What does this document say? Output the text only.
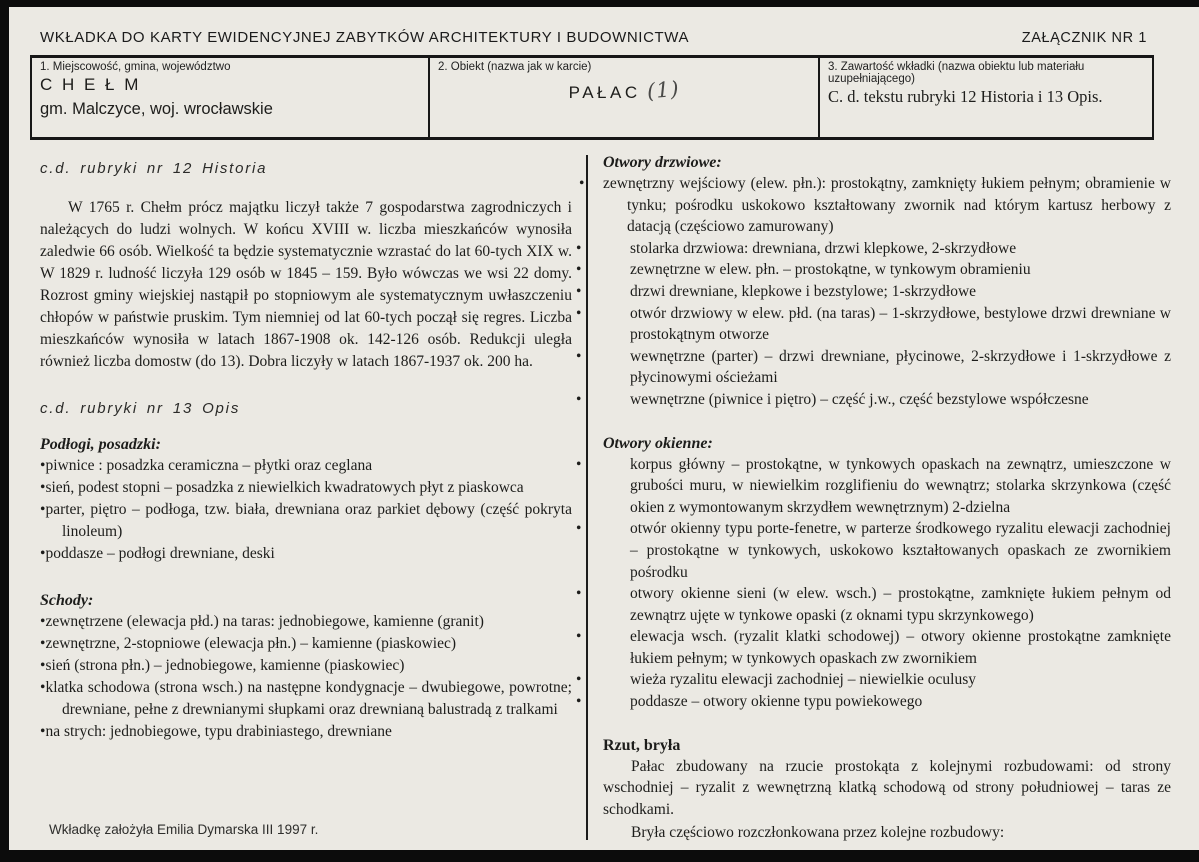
WKŁADKA DO KARTY EWIDENCYJNEJ ZABYTKÓW ARCHITEKTURY I BUDOWNICTWA	ZAŁĄCZNIK NR 1
1. Miejscowość, gmina, województwo
C H E Ł M
gm. Malczyce, woj. wrocławskie

2. Obiekt (nazwa jak w karcie)
PAŁAC (1)

3. Zawartość wkładki (nazwa obiektu lub materiału uzupełniającego)
C. d. tekstu rubryki 12 Historia i 13 Opis.
c.d. rubryki nr 12 Historia

W 1765 r. Chełm prócz majątku liczył także 7 gospodarstwa zagrodniczych i należących do ludzi wolnych. W końcu XVIII w. liczba mieszkańców wynosiła zaledwie 66 osób. Wielkość ta będzie systematycznie wzrastać do lat 60-tych XIX w. W 1829 r. ludność liczyła 129 osób w 1845 – 159. Było wówczas we wsi 22 domy. Rozrost gminy wiejskiej nastąpił po stopniowym ale systematycznym uwłaszczeniu chłopów w państwie pruskim. Tym niemniej od lat 60-tych począł się regres. Liczba mieszkańców wynosiła w latach 1867-1908 ok. 142-126 osób. Redukcji uległa również liczba domostw (do 13). Dobra liczyły w latach 1867-1937 ok. 200 ha.

c.d. rubryki nr 13 Opis
Podłogi, posadzki:
• piwnice : posadzka ceramiczna – płytki oraz ceglana
• sień, podest stopni – posadzka z niewielkich kwadratowych płyt z piaskowca
• parter, piętro – podłoga, tzw. biała, drewniana oraz parkiet dębowy (część pokryta linoleum)
• poddasze – podłogi drewniane, deski
Schody:
• zewnętrzene (elewacja płd.) na taras: jednobiegowe, kamienne (granit)
• zewnętrzne, 2-stopniowe (elewacja płn.) – kamienne (piaskowiec)
• sień (strona płn.) – jednobiegowe, kamienne (piaskowiec)
• klatka schodowa (strona wsch.) na następne kondygnacje – dwubiegowe, powrotne; drewniane, pełne z drewnianymi słupkami oraz drewnianą balustradą z tralkami
• na strych: jednobiegowe, typu drabiniastego, drewniane
Otwory drzwiowe:
• zewnętrzny wejściowy (elew. płn.): prostokątny, zamknięty łukiem pełnym; obramienie w tynku; pośrodku uskokowo kształtowany zwornik nad którym kartusz herbowy z datacją (częściowo zamurowany)
• stolarka drzwiowa: drewniana, drzwi klepkowe, 2-skrzydłowe
• zewnętrzne w elew. płn. – prostokątne, w tynkowym obramieniu
• drzwi drewniane, klepkowe i bezstylowe; 1-skrzydłowe
• otwór drzwiowy w elew. płd. (na taras) – 1-skrzydłowe, bestylowe drzwi drewniane w prostokątnym otworze
• wewnętrzne (parter) – drzwi drewniane, płycinowe, 2-skrzydłowe i 1-skrzydłowe z płycinowymi ościeżami
• wewnętrzne (piwnice i piętro) – część j.w., część bezstylowe współczesne
Otwory okienne:
• korpus główny – prostokątne, w tynkowych opaskach na zewnątrz, umieszczone w grubości muru, w niewielkim rozglifieniu do wewnątrz; stolarka skrzynkowa (część okien z wymontowanym skrzydłem wewnętrznym) 2-dzielna
• otwór okienny typu porte-fenetre, w parterze środkowego ryzalitu elewacji zachodniej – prostokątne w tynkowych, uskokowo kształtowanych opaskach ze zwornikiem pośrodku
• otwory okienne sieni (w elew. wsch.) – prostokątne, zamknięte łukiem pełnym od zewnątrz ujęte w tynkowe opaski (z oknami typu skrzynkowego)
• elewacja wsch. (ryzalit klatki schodowej) – otwory okienne prostokątne zamknięte łukiem pełnym; w tynkowych opaskach zw zwornikiem
• wieża ryzalitu elewacji zachodniej – niewielkie oculusy
• poddasze – otwory okienne typu powiekowego
Rzut, bryła

Pałac zbudowany na rzucie prostokąta z kolejnymi rozbudowami: od strony wschodniej – ryzalit z wewnętrzną klatką schodową od strony południowej – taras ze schodkami.

Bryła częściowo rozczłonkowana przez kolejne rozbudowy:

Wkładkę założyła Emilia Dymarska III 1997 r.
